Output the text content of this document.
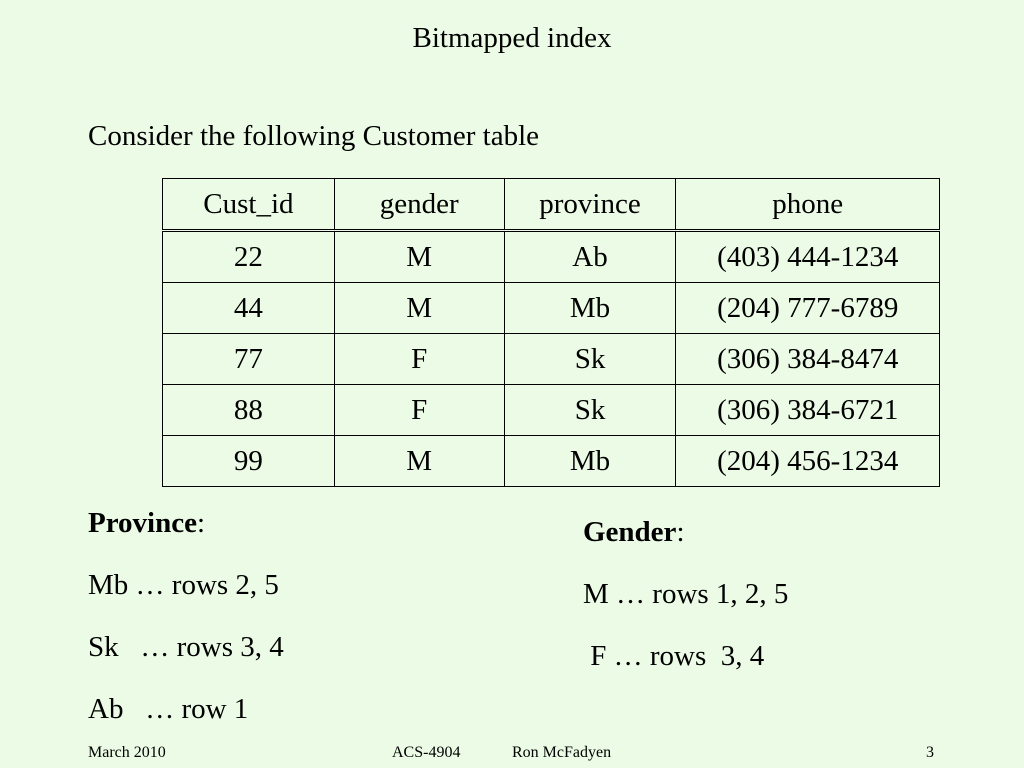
Bitmapped index
Consider the following Customer table
Cust_id	gender	province	phone
22	M	Ab	(403) 444-1234
44	M	Mb	(204) 777-6789
77	F	Sk	(306) 384-8474
88	F	Sk	(306) 384-6721
99	M	Mb	(204) 456-1234
Province:
Mb … rows 2, 5
Sk   … rows 3, 4
Ab   … row 1
Gender:
M … rows 1, 2, 5
F … rows  3, 4
March 2010	ACS-4904	Ron McFadyen	3
